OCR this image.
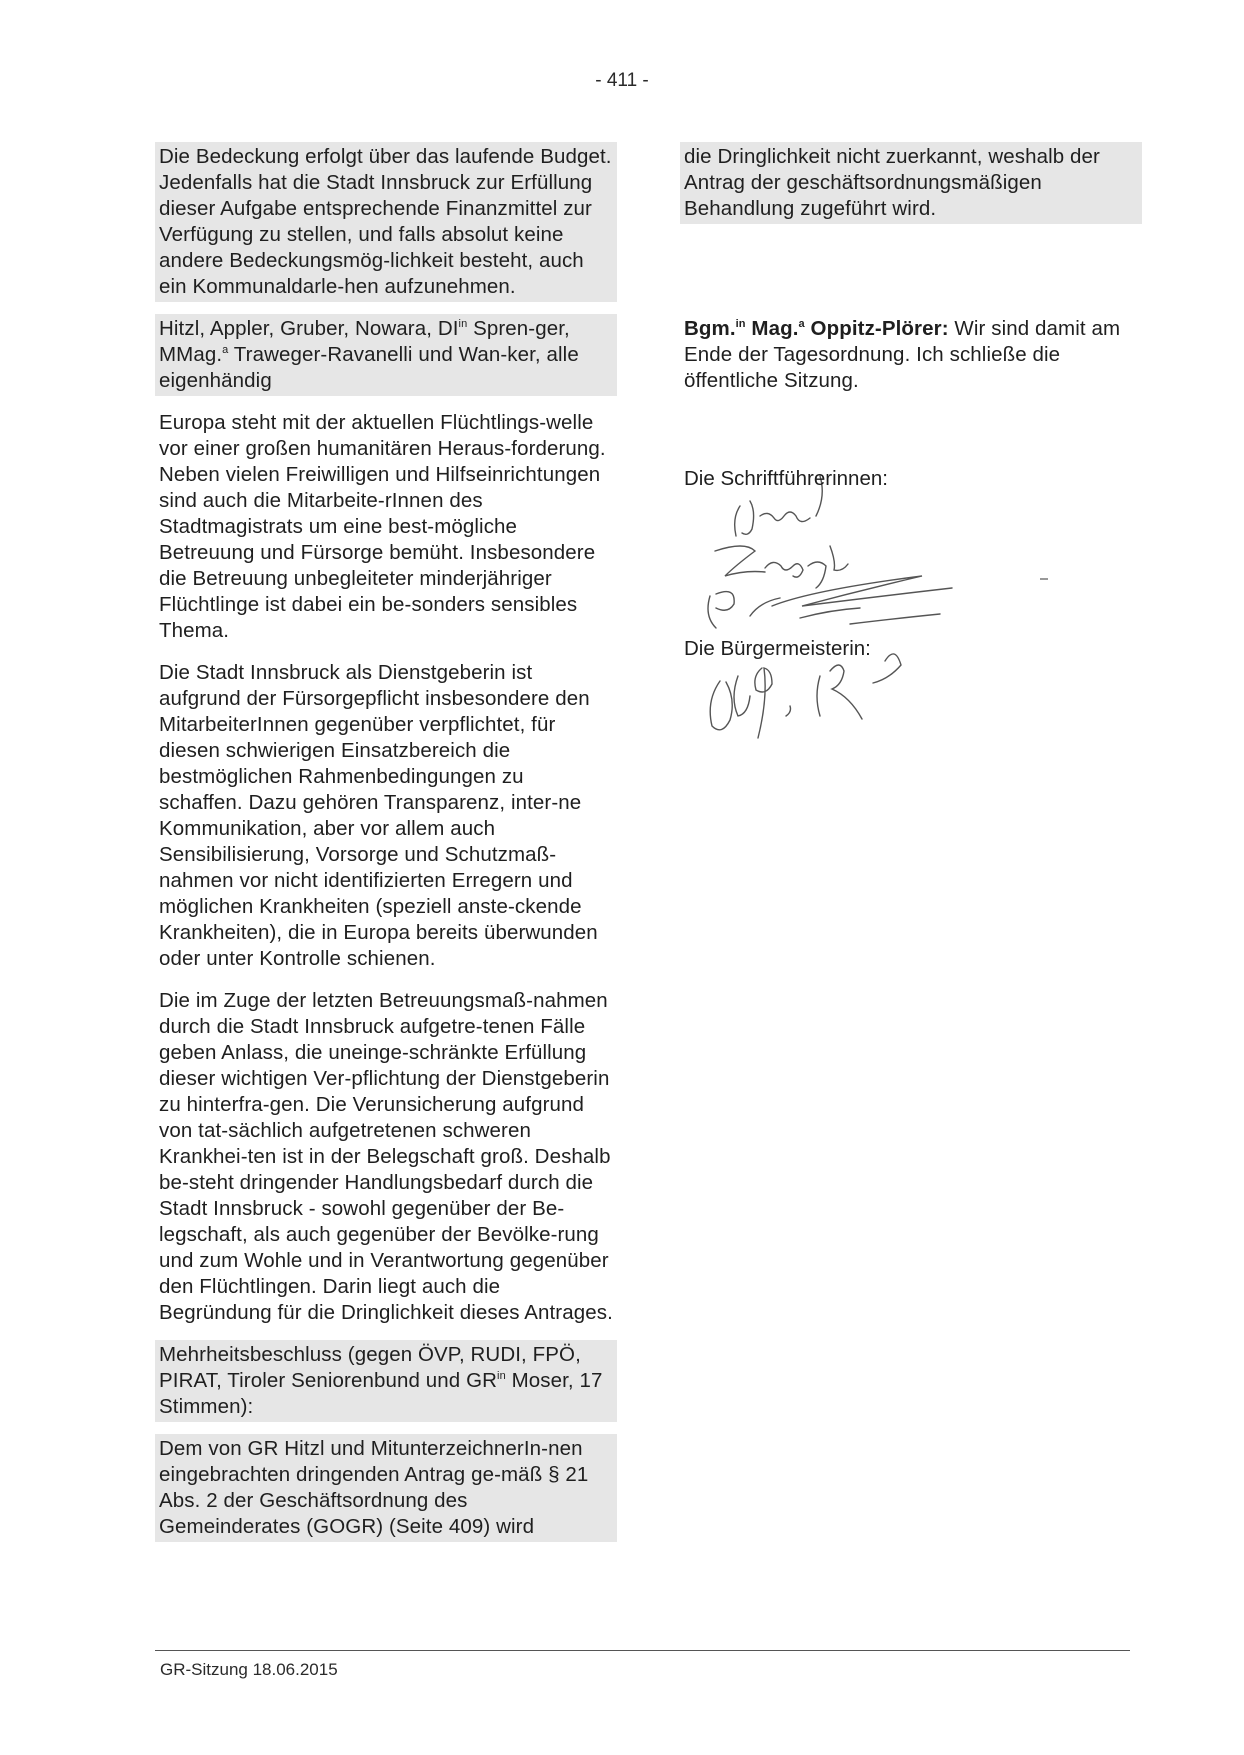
- 411 -

Die Bedeckung erfolgt über das laufende Budget. Jedenfalls hat die Stadt Innsbruck zur Erfüllung dieser Aufgabe entsprechende Finanzmittel zur Verfügung zu stellen, und falls absolut keine andere Bedeckungsmög-lichkeit besteht, auch ein Kommunaldarle-hen aufzunehmen.

Hitzl, Appler, Gruber, Nowara, $DI^{in}$ Spren-ger, MMag.$^a$ Traweger-Ravanelli und Wan-ker, alle eigenhändig

Europa steht mit der aktuellen Flüchtlings-welle vor einer großen humanitären Heraus-forderung. Neben vielen Freiwilligen und Hilfseinrichtungen sind auch die Mitarbeite-rInnen des Stadtmagistrats um eine best-mögliche Betreuung und Fürsorge bemüht. Insbesondere die Betreuung unbegleiteter minderjähriger Flüchtlinge ist dabei ein be-sonders sensibles Thema.

Die Stadt Innsbruck als Dienstgeberin ist aufgrund der Fürsorgepflicht insbesondere den MitarbeiterInnen gegenüber verpflichtet, für diesen schwierigen Einsatzbereich die bestmöglichen Rahmenbedingungen zu schaffen. Dazu gehören Transparenz, inter-ne Kommunikation, aber vor allem auch Sensibilisierung, Vorsorge und Schutzmaß-nahmen vor nicht identifizierten Erregern und möglichen Krankheiten (speziell anste-ckende Krankheiten), die in Europa bereits überwunden oder unter Kontrolle schienen.

Die im Zuge der letzten Betreuungsmaß-nahmen durch die Stadt Innsbruck aufgetre-tenen Fälle geben Anlass, die uneinge-schränkte Erfüllung dieser wichtigen Ver-pflichtung der Dienstgeberin zu hinterfra-gen. Die Verunsicherung aufgrund von tat-sächlich aufgetretenen schweren Krankhei-ten ist in der Belegschaft groß. Deshalb be-steht dringender Handlungsbedarf durch die Stadt Innsbruck - sowohl gegenüber der Be-legschaft, als auch gegenüber der Bevölke-rung und zum Wohle und in Verantwortung gegenüber den Flüchtlingen. Darin liegt auch die Begründung für die Dringlichkeit dieses Antrages.

Mehrheitsbeschluss (gegen ÖVP, RUDI, FPÖ, PIRAT, Tiroler Seniorenbund und $GR^{in}$ Moser, 17 Stimmen):

Dem von GR Hitzl und MitunterzeichnerIn-nen eingebrachten dringenden Antrag ge-mäß § 21 Abs. 2 der Geschäftsordnung des Gemeinderates (GOGR) (Seite 409) wird

die Dringlichkeit nicht zuerkannt, weshalb der Antrag der geschäftsordnungsmäßigen Behandlung zugeführt wird.

Bgm.$^{in}$ Mag.$^a$ Oppitz-Plörer: Wir sind damit am Ende der Tagesordnung. Ich schließe die öffentliche Sitzung.

Die Schriftführerinnen:
Die Bürgermeisterin:
GR-Sitzung 18.06.2015
